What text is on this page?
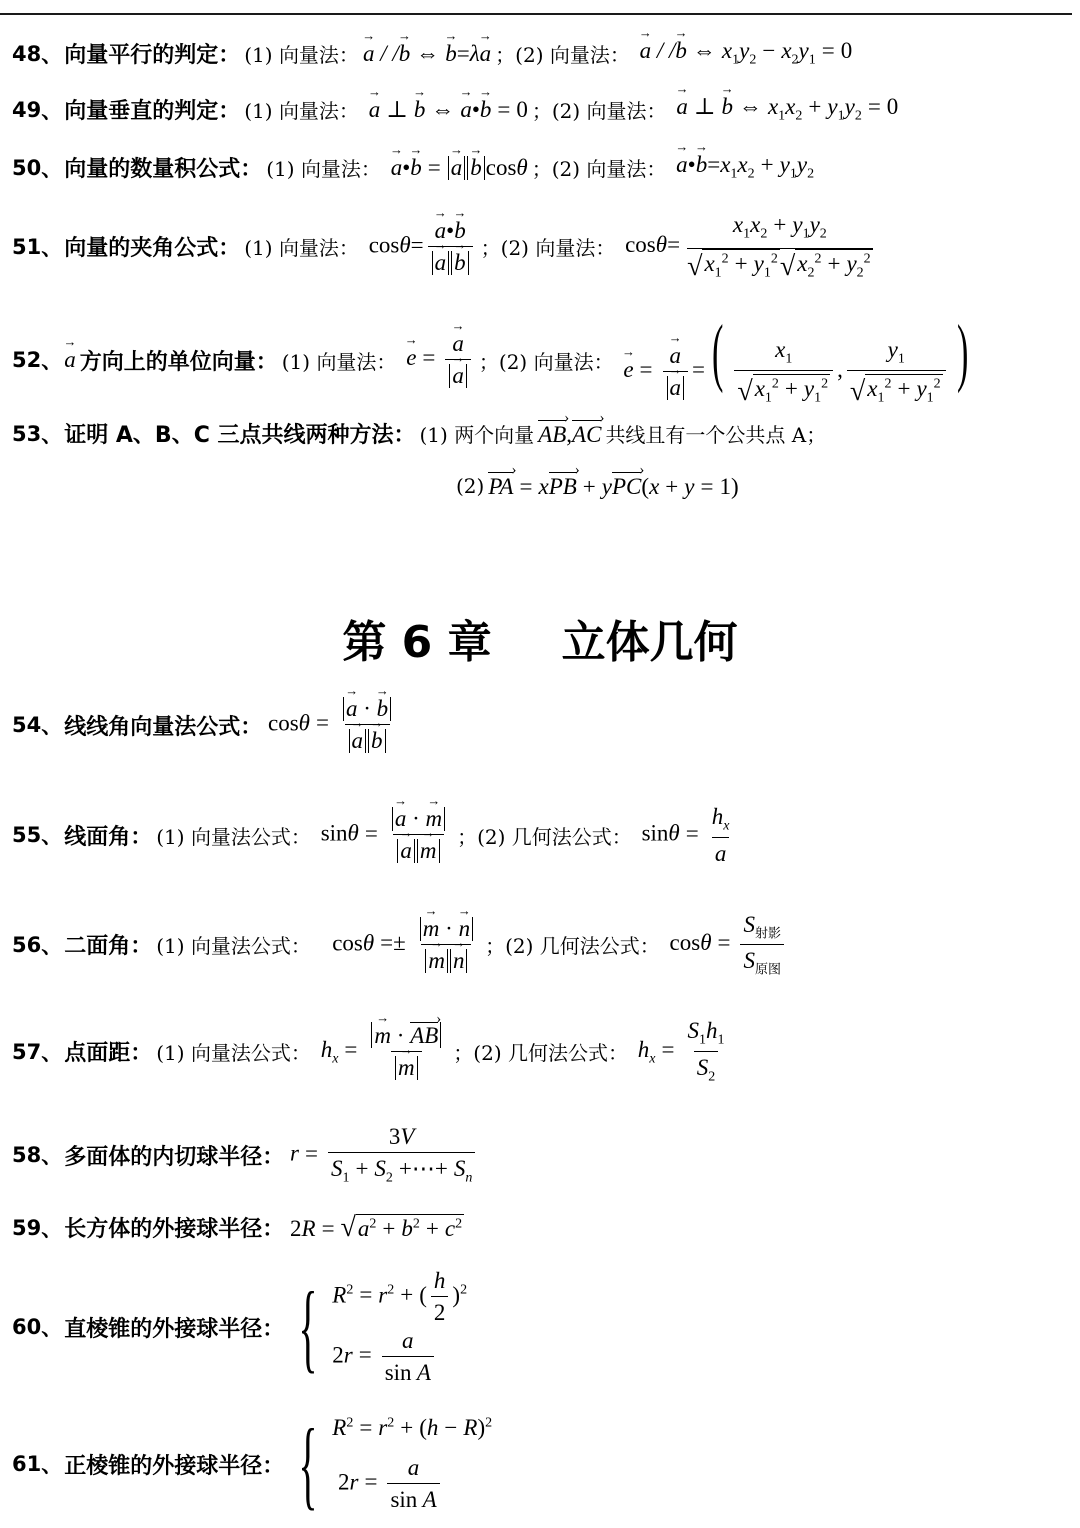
48 、 向量平行的判定： (1) 向量法： → a / /→ b ⇔ → b=λ→ a ；(2) 向量法： → a / /→ b ⇔ $x_1y_2 - x_2y_1 = 0$
49 、 向量垂直的判定： (1) 向量法： → a ⊥ → b ⇔ → a•→ b = 0 ；(2) 向量法： → a ⊥ → b ⇔ $x_1x_2 + y_1y_2 = 0$
50 、 向量的数量积公式： (1) 向量法： → a•→ b = → a → b cosθ ；(2) 向量法： → a•→ $b=x_1x_2 + y_1y_2$
51 、 向量的夹角公式： (1) 向量法： cosθ= → a•→ b
→ a → b ；(2) 向量法： cosθ=
$x_1x_2 + y_1y_2$
√ $x_1^2 + y_1^2$ √ $x_2^2 + y_2^2$
52 、 → a 方向上的单位向量： (1) 向量法： → e = → a
→ a ；(2) 向量法： → e = → a
→ a =( $\frac{x_1}{√ x_1^2 + y_1^2}$ , $\frac{y_1}{√ x_1^2 + y_1^2}$ )
53 、 证明 A、B、C 三点共线两种方法： (1) 两个向量 AB ›,AC › 共线且有一个公共点 A；
(2) PA › = xPB › + yPC ›(x + y = 1)
第 6 章 立体几何
54 、 线线角向量法公式： cosθ = → a · → b
→ a → b
55 、 线面角： (1) 向量法公式： sinθ = → a · → m
→ a → m ；(2) 几何法公式： $\sin\theta = \frac{h_x}{a}$
56 、 二面角： (1) 向量法公式： cosθ =± → m · → n
→ m → n ；(2) 几何法公式： $\cos\theta = \frac{S_{射影}}{S_{原图}}$
57 、 点面距： (1) 向量法公式： $h_x$ = → m · AB ›
→ m ；(2) 几何法公式： $h_x = \frac{S_1h_1}{S_2}$
58 、 多面体的内切球半径： $r = \frac{3V}{S_1 + S_2 +\cdots+ S_n}$
59 、 长方体的外接球半径： 2R = √ $a^2 + b^2 + c^2$
60 、 直棱锥的外接球半径： { $R^2 = r^2$ + ( $\frac{h}{2} )^2$
$2r = \frac{a}{\text{sin A}}$
61 、 正棱锥的外接球半径： { $R^2 = r^2 + (h - R)^2$
$2r = \frac{a}{\text{sin A}}$
